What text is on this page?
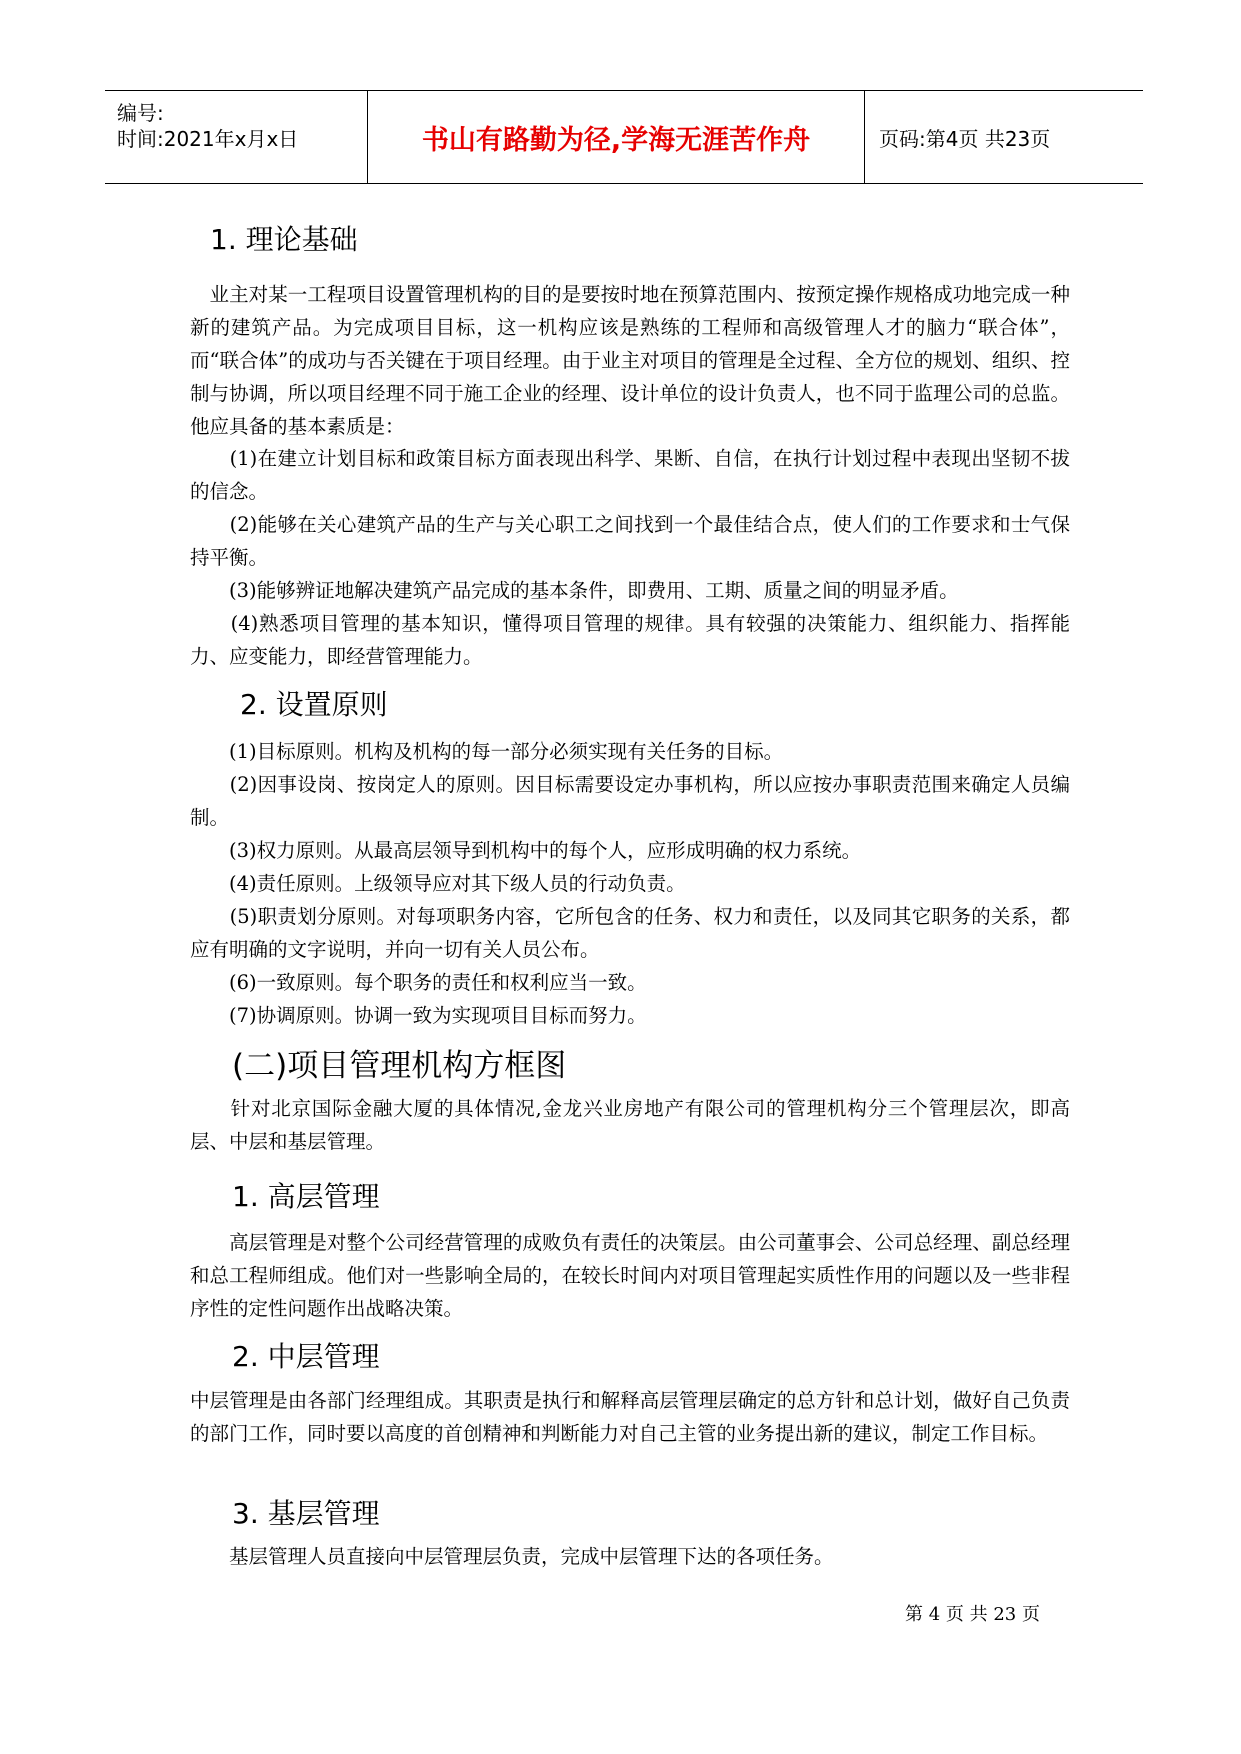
编号:
时间:2021年x月x日	书山有路勤为径,学海无涯苦作舟	页码:第4页 共23页
1. 理论基础
　业主对某一工程项目设置管理机构的目的是要按时地在预算范围内、按预定操作规格成功地完成一种新的建筑产品。为完成项目目标，这一机构应该是熟练的工程师和高级管理人才的脑力“联合体”，而“联合体”的成功与否关键在于项目经理。由于业主对项目的管理是全过程、全方位的规划、组织、控制与协调，所以项目经理不同于施工企业的经理、设计单位的设计负责人，也不同于监理公司的总监。他应具备的基本素质是：
　　(1)在建立计划目标和政策目标方面表现出科学、果断、自信，在执行计划过程中表现出坚韧不拔的信念。
　　(2)能够在关心建筑产品的生产与关心职工之间找到一个最佳结合点，使人们的工作要求和士气保持平衡。
　　(3)能够辨证地解决建筑产品完成的基本条件，即费用、工期、质量之间的明显矛盾。
　　(4)熟悉项目管理的基本知识，懂得项目管理的规律。具有较强的决策能力、组织能力、指挥能力、应变能力，即经营管理能力。
2. 设置原则
　　(1)目标原则。机构及机构的每一部分必须实现有关任务的目标。
　　(2)因事设岗、按岗定人的原则。因目标需要设定办事机构，所以应按办事职责范围来确定人员编制。
　　(3)权力原则。从最高层领导到机构中的每个人，应形成明确的权力系统。
　　(4)责任原则。上级领导应对其下级人员的行动负责。
　　(5)职责划分原则。对每项职务内容，它所包含的任务、权力和责任，以及同其它职务的关系，都应有明确的文字说明，并向一切有关人员公布。
　　(6)一致原则。每个职务的责任和权利应当一致。
　　(7)协调原则。协调一致为实现项目目标而努力。
(二)项目管理机构方框图
　　针对北京国际金融大厦的具体情况,金龙兴业房地产有限公司的管理机构分三个管理层次，即高层、中层和基层管理。
1. 高层管理
　　高层管理是对整个公司经营管理的成败负有责任的决策层。由公司董事会、公司总经理、副总经理和总工程师组成。他们对一些影响全局的，在较长时间内对项目管理起实质性作用的问题以及一些非程序性的定性问题作出战略决策。
2. 中层管理
中层管理是由各部门经理组成。其职责是执行和解释高层管理层确定的总方针和总计划，做好自己负责的部门工作，同时要以高度的首创精神和判断能力对自己主管的业务提出新的建议，制定工作目标。
3. 基层管理
　　基层管理人员直接向中层管理层负责，完成中层管理下达的各项任务。
第 4 页 共 23 页
